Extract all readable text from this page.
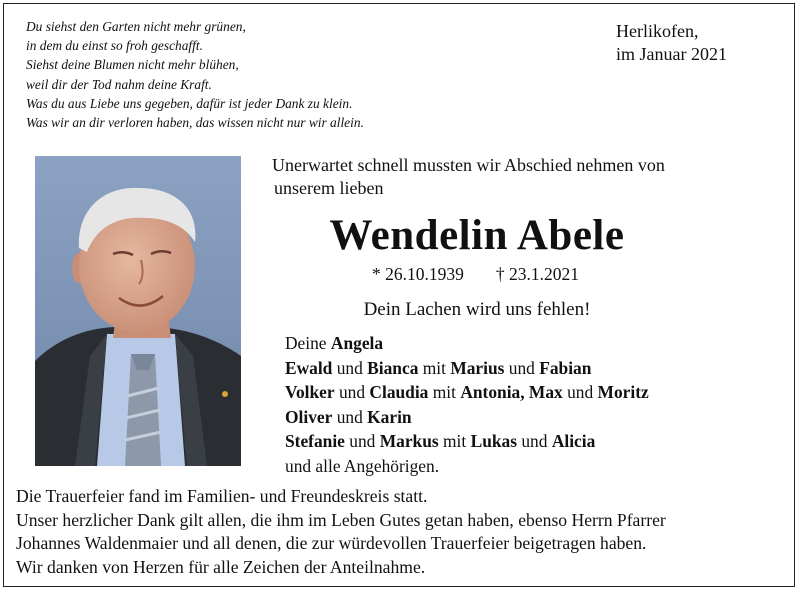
Du siehst den Garten nicht mehr grünen,
in dem du einst so froh geschafft.
Siehst deine Blumen nicht mehr blühen,
weil dir der Tod nahm deine Kraft.
Was du aus Liebe uns gegeben, dafür ist jeder Dank zu klein.
Was wir an dir verloren haben, das wissen nicht nur wir allein.
Herlikofen,
im Januar 2021
Unerwartet schnell mussten wir Abschied nehmen von
unserem lieben
Wendelin Abele
* 26.10.1939 † 23.1.2021
Dein Lachen wird uns fehlen!
Deine Angela
Ewald und Bianca mit Marius und Fabian
Volker und Claudia mit Antonia, Max und Moritz
Oliver und Karin
Stefanie und Markus mit Lukas und Alicia
und alle Angehörigen.
Die Trauerfeier fand im Familien- und Freundeskreis statt.
Unser herzlicher Dank gilt allen, die ihm im Leben Gutes getan haben, ebenso Herrn Pfarrer
Johannes Waldenmaier und all denen, die zur würdevollen Trauerfeier beigetragen haben.
Wir danken von Herzen für alle Zeichen der Anteilnahme.
